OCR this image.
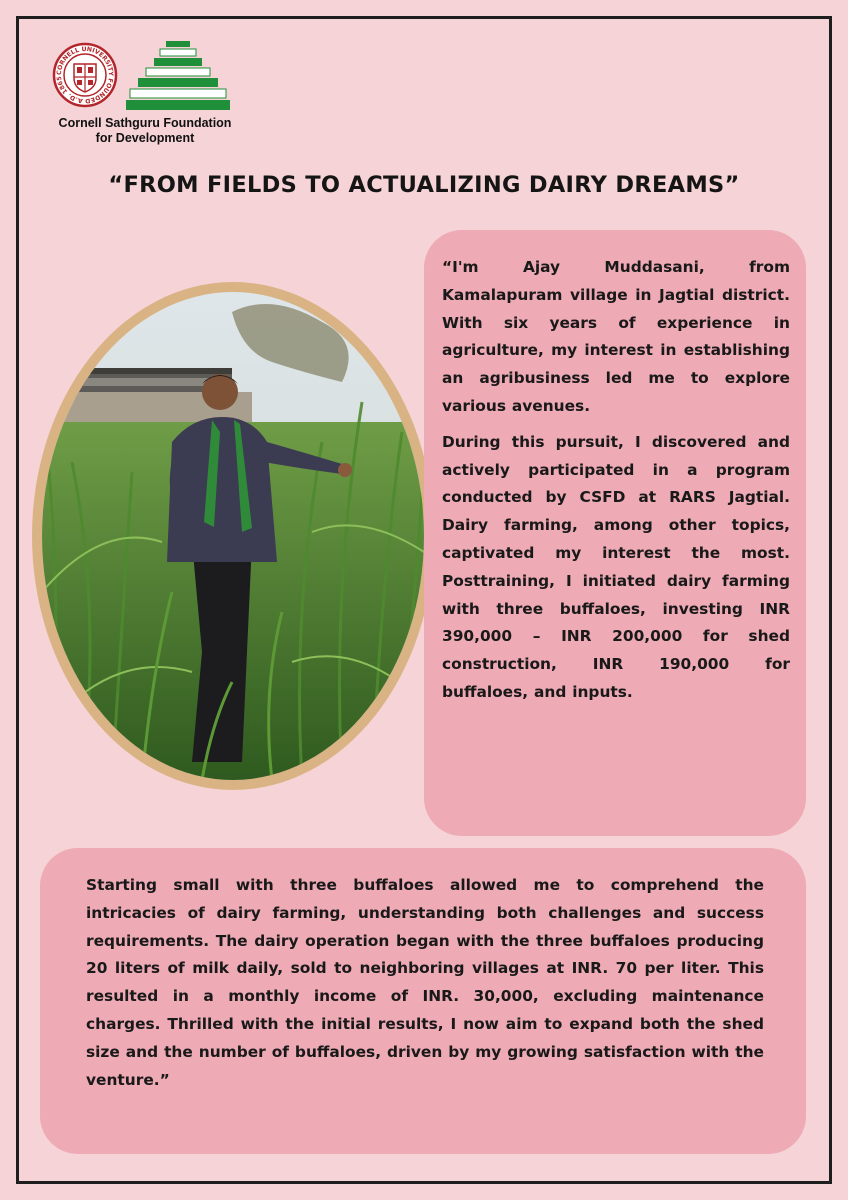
CORNELL UNIVERSITY FOUNDED A.D. 1865
Cornell Sathguru Foundation
for Development
“FROM FIELDS TO ACTUALIZING DAIRY DREAMS”

“I'm Ajay Muddasani, from Kamalapuram village in Jagtial district. With six years of experience in agriculture, my interest in establishing an agribusiness led me to explore various avenues.

During this pursuit, I discovered and actively participated in a program conducted by CSFD at RARS Jagtial. Dairy farming, among other topics, captivated my interest the most. Posttraining, I initiated dairy farming with three buffaloes, investing INR 390,000 – INR 200,000 for shed construction, INR 190,000 for buffaloes, and inputs.

Starting small with three buffaloes allowed me to comprehend the intricacies of dairy farming, understanding both challenges and success requirements. The dairy operation began with the three buffaloes producing 20 liters of milk daily, sold to neighboring villages at INR. 70 per liter. This resulted in a monthly income of INR. 30,000, excluding maintenance charges. Thrilled with the initial results, I now aim to expand both the shed size and the number of buffaloes, driven by my growing satisfaction with the venture.”
